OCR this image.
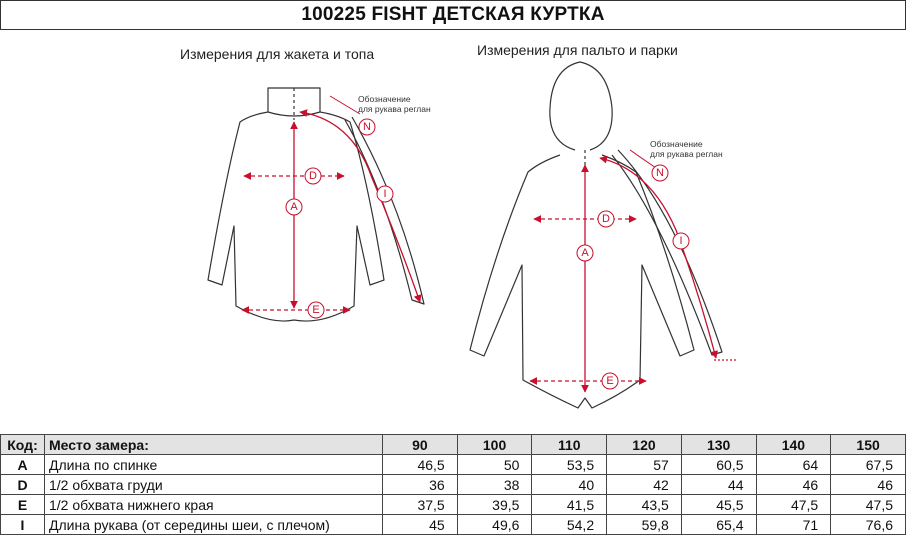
100225 FISHT ДЕТСКАЯ КУРТКА
Измерения для жакета и топа	Измерения для пальто и парки
Обозначение
для рукава реглан
Обозначение
для рукава реглан
N
I
D
A
E
N
I
D
A
E
Код:	Место замера:	90	100	110	120	130	140	150
A	Длина по спинке	46,5	50	53,5	57	60,5	64	67,5
D	1/2 обхвата груди	36	38	40	42	44	46	46
E	1/2 обхвата нижнего края	37,5	39,5	41,5	43,5	45,5	47,5	47,5
I	Длина рукава (от середины шеи, с плечом)	45	49,6	54,2	59,8	65,4	71	76,6
